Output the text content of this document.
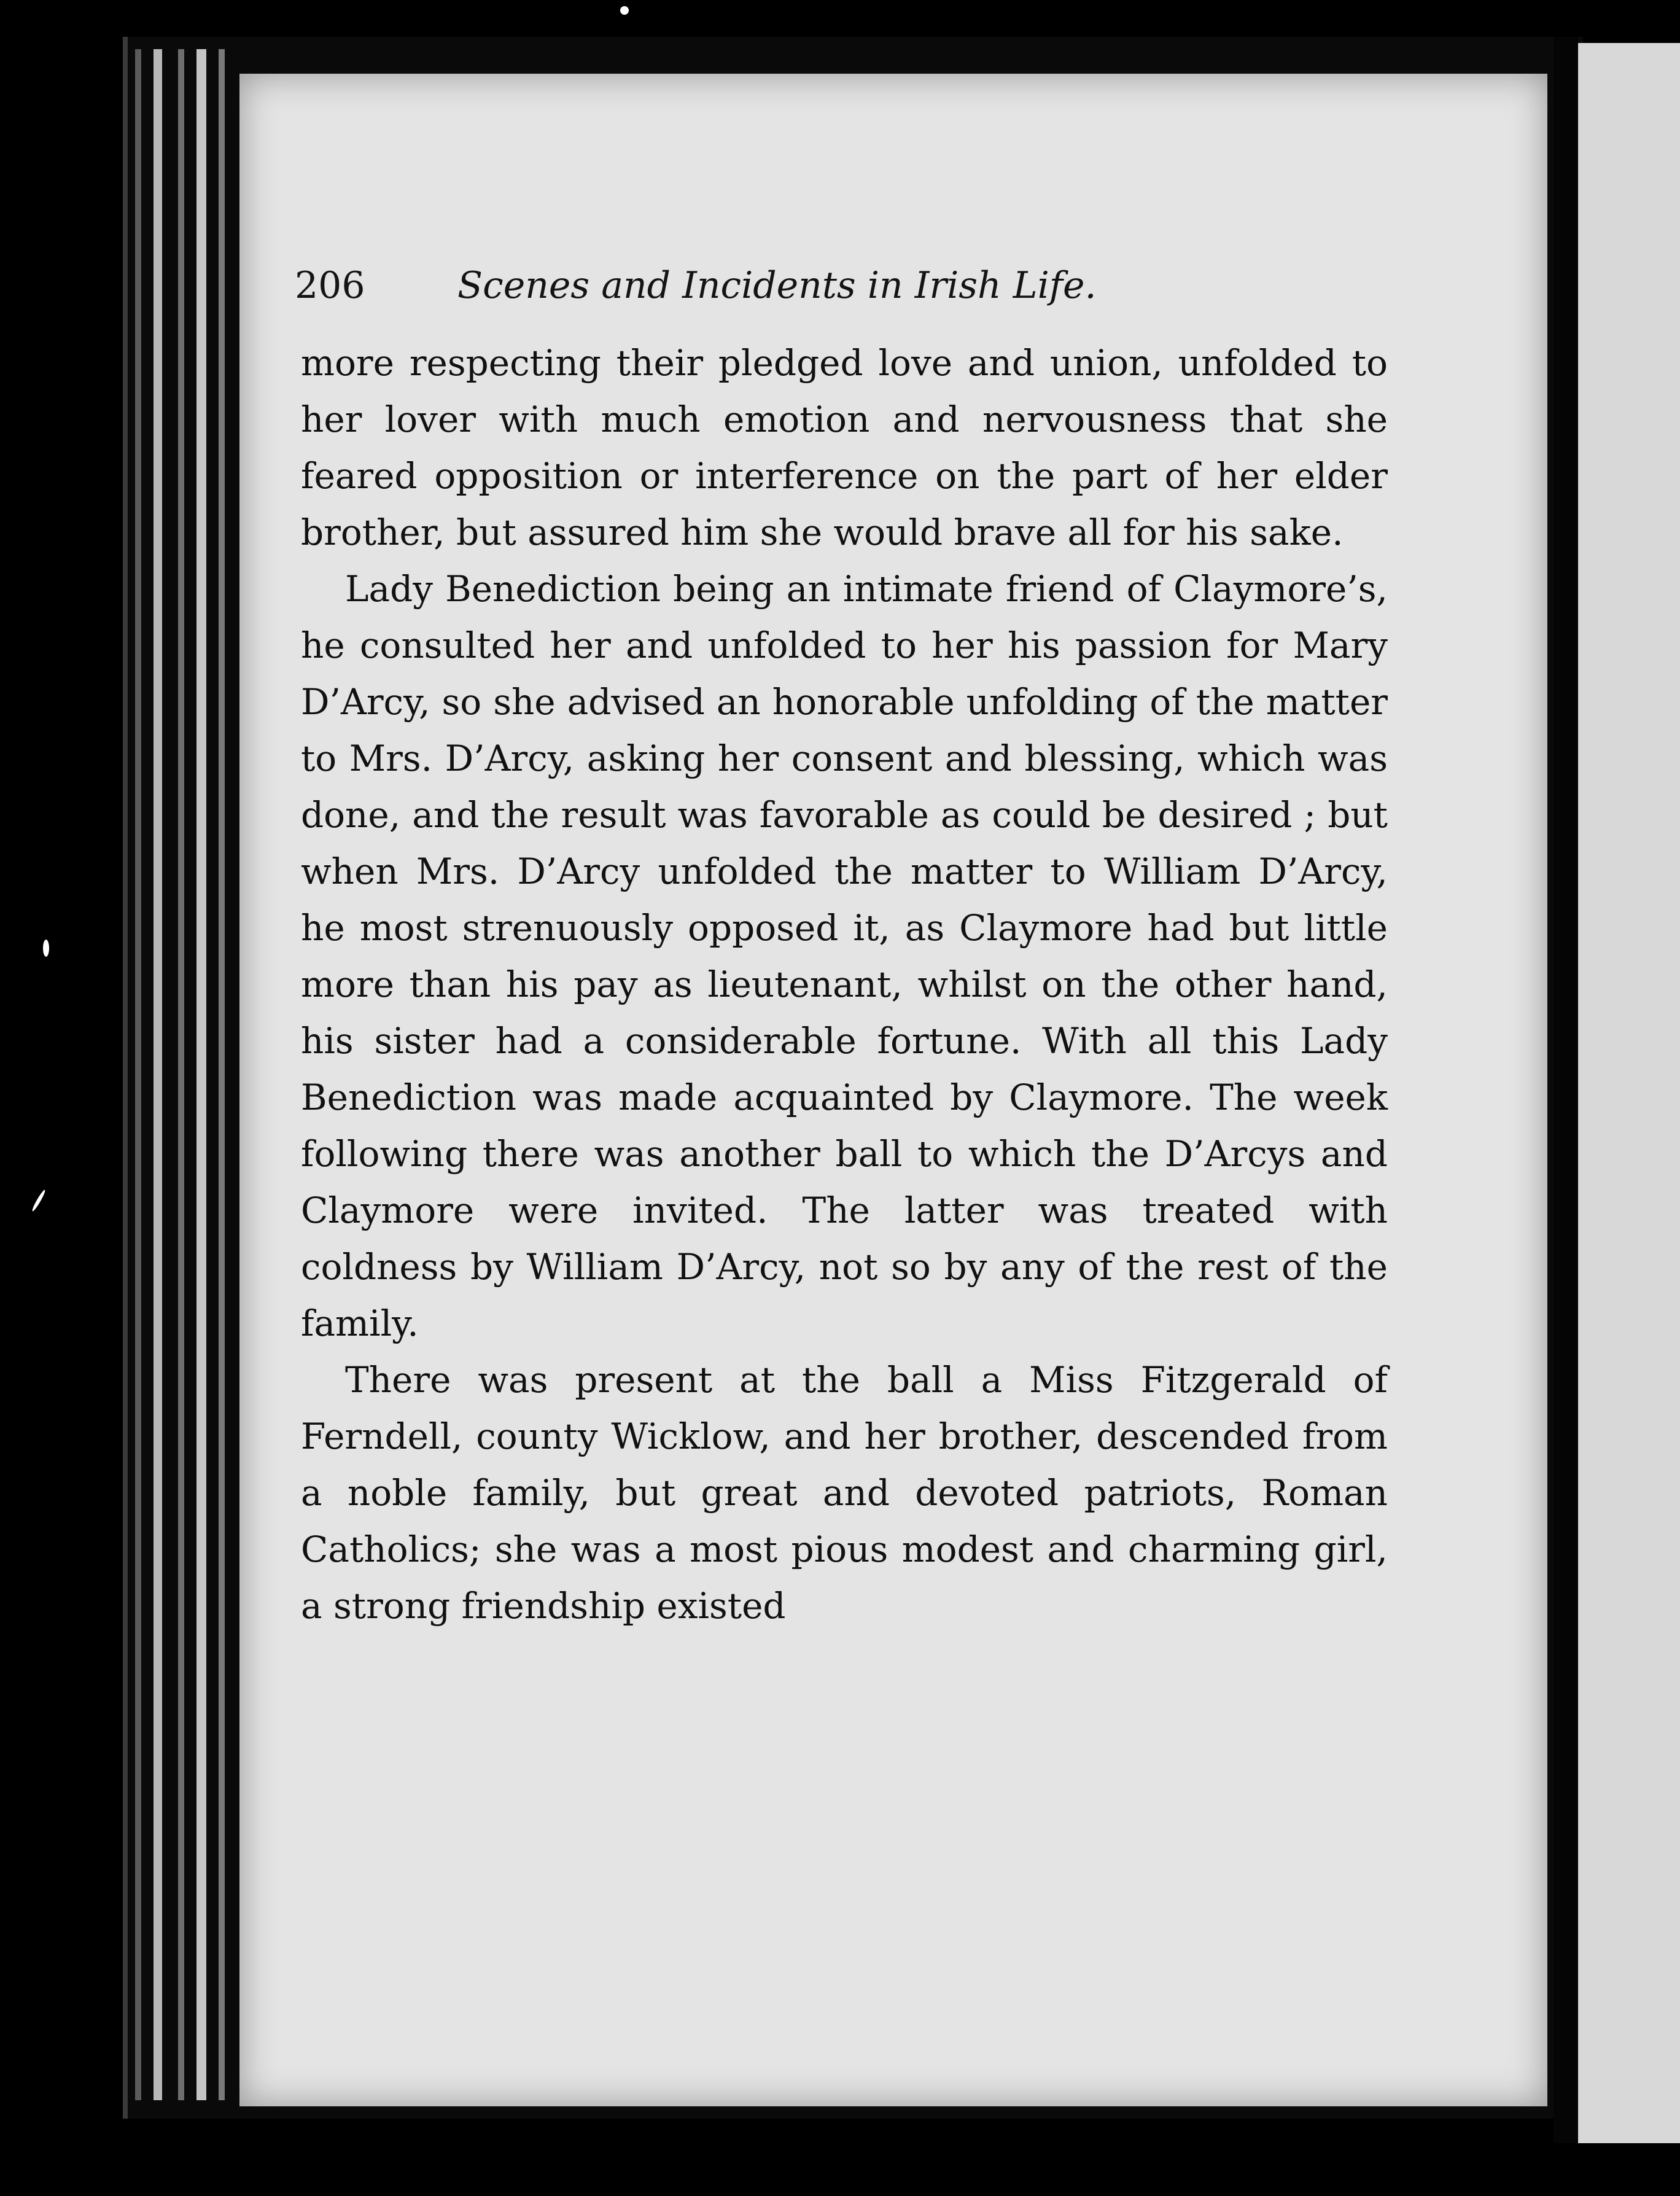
206	Scenes and Incidents in Irish Life.

more respecting their pledged love and union, unfolded to her lover with much emotion and nervousness that she feared opposition or interference on the part of her elder brother, but assured him she would brave all for his sake.

Lady Benediction being an intimate friend of Claymore’s, he consulted her and unfolded to her his passion for Mary D’Arcy, so she advised an honorable unfolding of the matter to Mrs. D’Arcy, asking her consent and blessing, which was done, and the result was favorable as could be desired ; but when Mrs. D’Arcy unfolded the matter to William D’Arcy, he most strenuously opposed it, as Claymore had but little more than his pay as lieutenant, whilst on the other hand, his sister had a considerable fortune. With all this Lady Benediction was made acquainted by Claymore. The week following there was another ball to which the D’Arcys and Claymore were invited. The latter was treated with coldness by William D’Arcy, not so by any of the rest of the family.

There was present at the ball a Miss Fitzgerald of Ferndell, county Wicklow, and her brother, descended from a noble family, but great and devoted patriots, Roman Catholics; she was a most pious modest and charming girl, a strong friendship existed
